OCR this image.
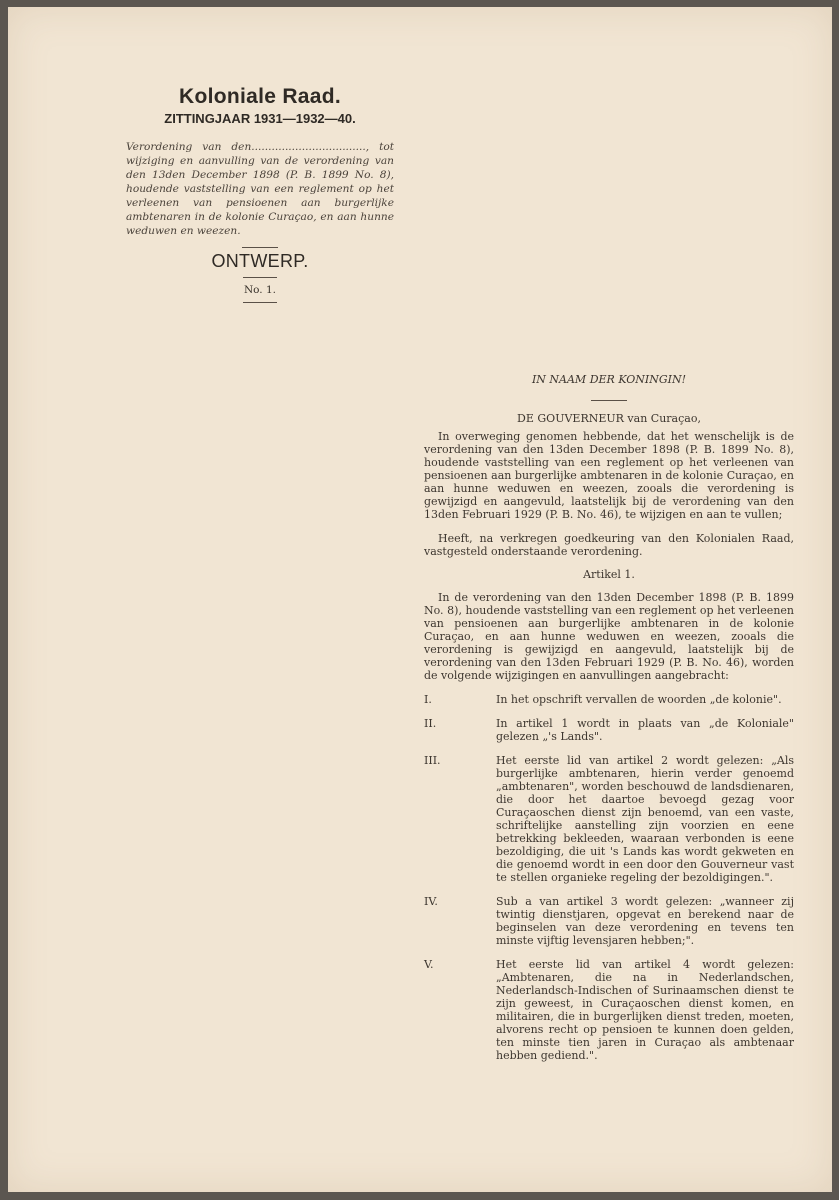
Koloniale Raad.
ZITTINGJAAR 1931—1932—40.
Verordening van den.................................., tot wijziging en aanvulling van de verordening van den 13den December 1898 (P. B. 1899 No. 8), houdende vaststelling van een reglement op het verleenen van pensioenen aan burgerlijke ambtenaren in de kolonie Curaçao, en aan hunne weduwen en weezen.
ONTWERP.
No. 1.
IN NAAM DER KONINGIN!
DE GOUVERNEUR van Curaçao,

In overweging genomen hebbende, dat het wenschelijk is de verordening van den 13den December 1898 (P. B. 1899 No. 8), houdende vaststelling van een reglement op het verleenen van pensioenen aan burgerlijke ambtenaren in de kolonie Curaçao, en aan hunne weduwen en weezen, zooals die verordening is gewijzigd en aangevuld, laatstelijk bij de verordening van den 13den Februari 1929 (P. B. No. 46), te wijzigen en aan te vullen;

Heeft, na verkregen goedkeuring van den Kolonialen Raad, vastgesteld onderstaande verordening.

Artikel 1.

In de verordening van den 13den December 1898 (P. B. 1899 No. 8), houdende vaststelling van een reglement op het verleenen van pensioenen aan burgerlijke ambtenaren in de kolonie Curaçao, en aan hunne weduwen en weezen, zooals die verordening is gewijzigd en aangevuld, laatstelijk bij de verordening van den 13den Februari 1929 (P. B. No. 46), worden de volgende wijzigingen en aanvullingen aangebracht:

I.	In het opschrift vervallen de woorden „de kolonie".
II.	In artikel 1 wordt in plaats van „de Koloniale" gelezen „'s Lands".
III.	Het eerste lid van artikel 2 wordt gelezen: „Als burgerlijke ambtenaren, hierin verder genoemd „ambtenaren", worden beschouwd de landsdienaren, die door het daartoe bevoegd gezag voor Curaçaoschen dienst zijn benoemd, van een vaste, schriftelijke aanstelling zijn voorzien en eene betrekking bekleeden, waaraan verbonden is eene bezoldiging, die uit 's Lands kas wordt gekweten en die genoemd wordt in een door den Gouverneur vast te stellen organieke regeling der bezoldigingen.".
IV.	Sub a van artikel 3 wordt gelezen: „wanneer zij twintig dienstjaren, opgevat en berekend naar de beginselen van deze verordening en tevens ten minste vijftig levensjaren hebben;".
V.	Het eerste lid van artikel 4 wordt gelezen: „Ambtenaren, die na in Nederlandschen, Nederlandsch-Indischen of Surinaamschen dienst te zijn geweest, in Curaçaoschen dienst komen, en militairen, die in burgerlijken dienst treden, moeten, alvorens recht op pensioen te kunnen doen gelden, ten minste tien jaren in Curaçao als ambtenaar hebben gediend.".
